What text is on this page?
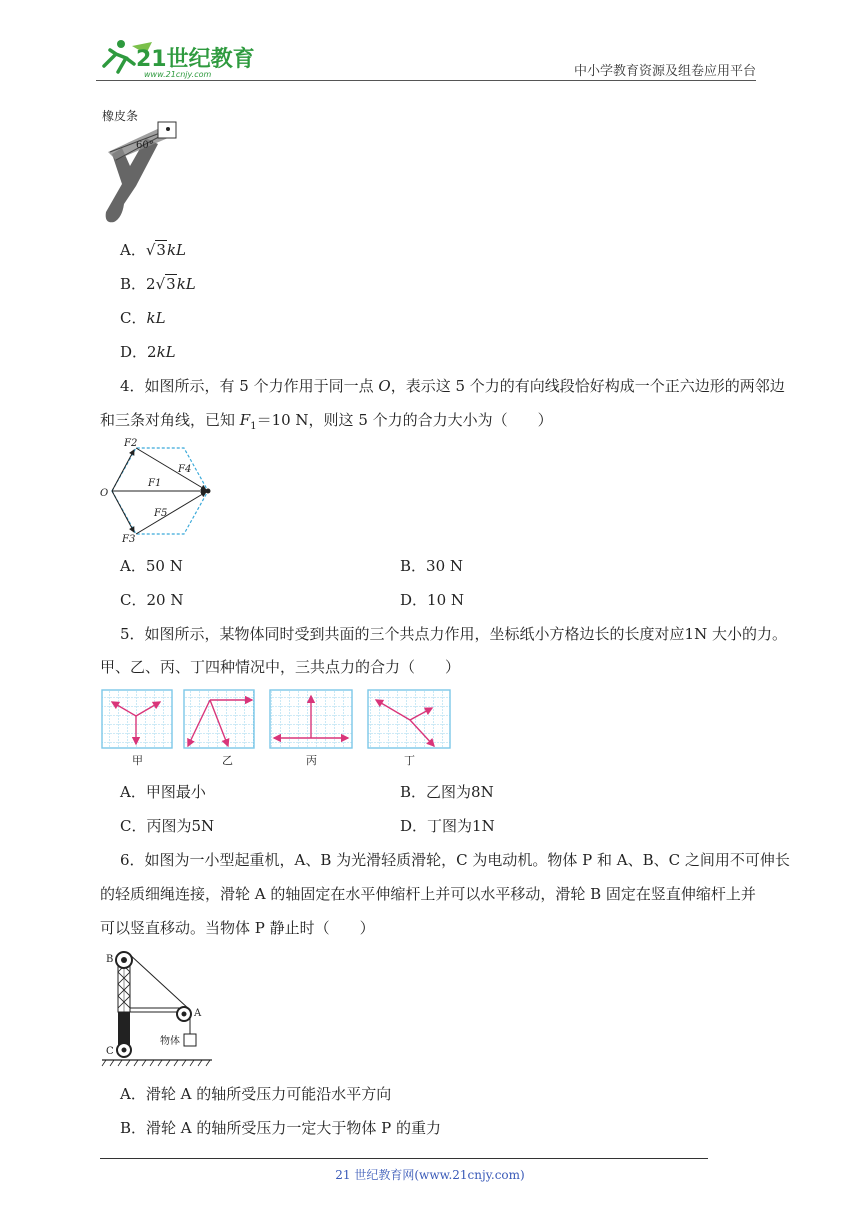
21世纪教育
www.21cnjy.com	中小学教育资源及组卷应用平台
橡皮条
60°
A．√3kL
B．2√3kL
C．kL
D．2kL
4．如图所示，有 5 个力作用于同一点 O，表示这 5 个力的有向线段恰好构成一个正六边形的两邻边
和三条对角线，已知 $F_1=10$ N，则这 5 个力的合力大小为（　　）
F2
F4
O
F1
F5
F3
A．50 N	B．30 N
C．20 N	D．10 N
5．如图所示，某物体同时受到共面的三个共点力作用，坐标纸小方格边长的长度对应1N 大小的力。
甲、乙、丙、丁四种情况中，三共点力的合力（　　）
甲	乙	丙	丁
A．甲图最小	B．乙图为8N
C．丙图为5N	D．丁图为1N
6．如图为一小型起重机，A、B 为光滑轻质滑轮，C 为电动机。物体 P 和 A、B、C 之间用不可伸长
的轻质细绳连接，滑轮 A 的轴固定在水平伸缩杆上并可以水平移动，滑轮 B 固定在竖直伸缩杆上并
可以竖直移动。当物体 P 静止时（　　）
B
A
C
物体
A．滑轮 A 的轴所受压力可能沿水平方向
B．滑轮 A 的轴所受压力一定大于物体 P 的重力
21 世纪教育网(www.21cnjy.com)
